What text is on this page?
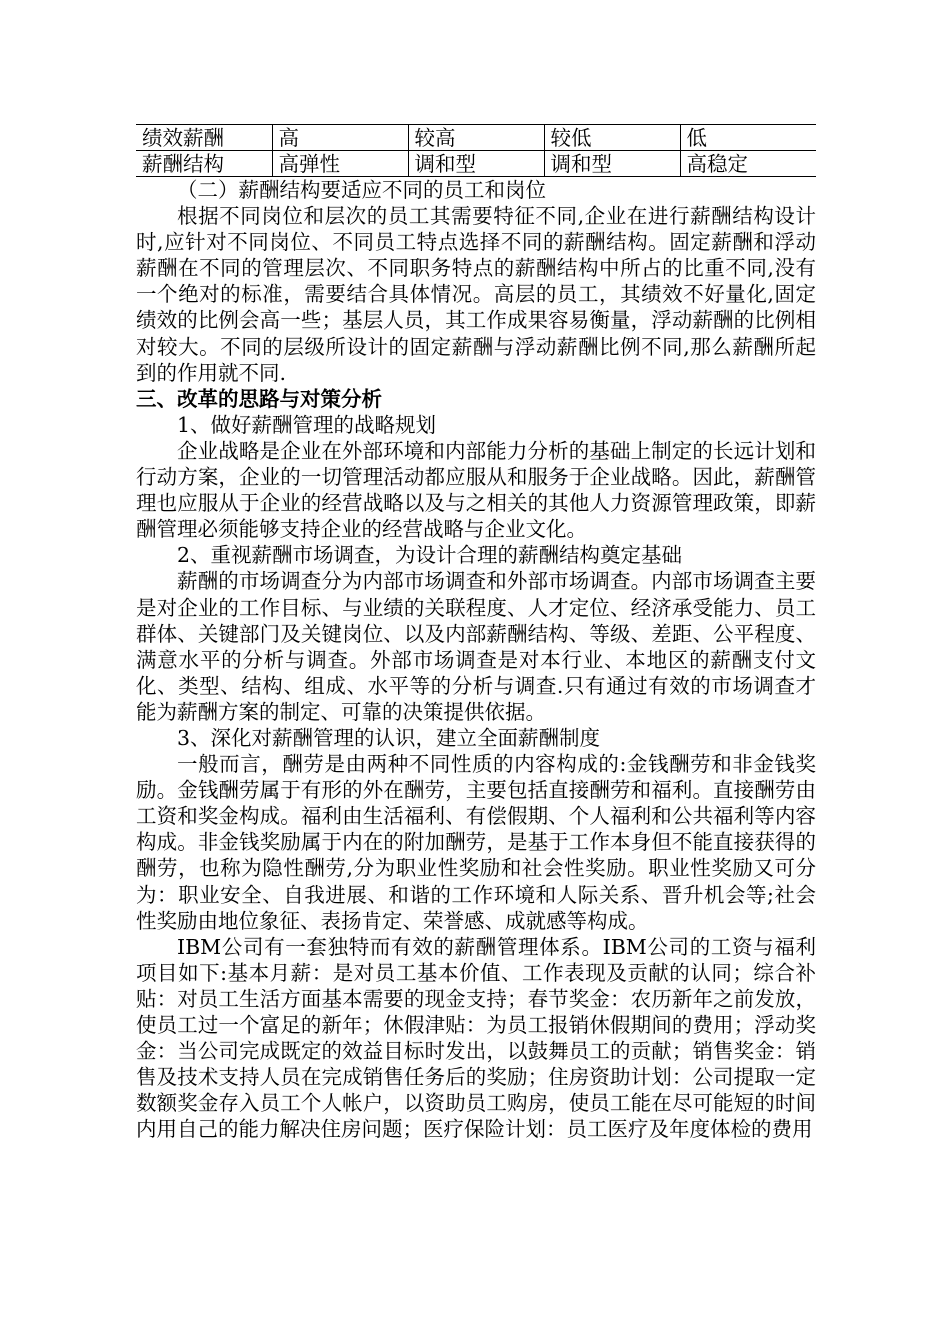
绩效薪酬	高	较高	较低	低
薪酬结构	高弹性	调和型	调和型	高稳定

（二）薪酬结构要适应不同的员工和岗位

根据不同岗位和层次的员工其需要特征不同,企业在进行薪酬结构设计时,应针对不同岗位、不同员工特点选择不同的薪酬结构。固定薪酬和浮动薪酬在不同的管理层次、不同职务特点的薪酬结构中所占的比重不同,没有一个绝对的标准，需要结合具体情况。高层的员工，其绩效不好量化,固定绩效的比例会高一些；基层人员，其工作成果容易衡量，浮动薪酬的比例相对较大。不同的层级所设计的固定薪酬与浮动薪酬比例不同,那么薪酬所起到的作用就不同.

三、改革的思路与对策分析

1、做好薪酬管理的战略规划

企业战略是企业在外部环境和内部能力分析的基础上制定的长远计划和行动方案，企业的一切管理活动都应服从和服务于企业战略。因此，薪酬管理也应服从于企业的经营战略以及与之相关的其他人力资源管理政策，即薪酬管理必须能够支持企业的经营战略与企业文化。

2、重视薪酬市场调查，为设计合理的薪酬结构奠定基础

薪酬的市场调查分为内部市场调查和外部市场调查。内部市场调查主要是对企业的工作目标、与业绩的关联程度、人才定位、经济承受能力、员工群体、关键部门及关键岗位、以及内部薪酬结构、等级、差距、公平程度、满意水平的分析与调查。外部市场调查是对本行业、本地区的薪酬支付文化、类型、结构、组成、水平等的分析与调查.只有通过有效的市场调查才能为薪酬方案的制定、可靠的决策提供依据。

3、深化对薪酬管理的认识，建立全面薪酬制度

一般而言，酬劳是由两种不同性质的内容构成的:金钱酬劳和非金钱奖励。金钱酬劳属于有形的外在酬劳，主要包括直接酬劳和福利。直接酬劳由工资和奖金构成。福利由生活福利、有偿假期、个人福利和公共福利等内容构成。非金钱奖励属于内在的附加酬劳，是基于工作本身但不能直接获得的酬劳，也称为隐性酬劳,分为职业性奖励和社会性奖励。职业性奖励又可分为：职业安全、自我进展、和谐的工作环境和人际关系、晋升机会等;社会性奖励由地位象征、表扬肯定、荣誉感、成就感等构成。

IBM公司有一套独特而有效的薪酬管理体系。IBM公司的工资与福利项目如下:基本月薪：是对员工基本价值、工作表现及贡献的认同；综合补贴：对员工生活方面基本需要的现金支持；春节奖金：农历新年之前发放，使员工过一个富足的新年；休假津贴：为员工报销休假期间的费用；浮动奖金：当公司完成既定的效益目标时发出，以鼓舞员工的贡献；销售奖金：销售及技术支持人员在完成销售任务后的奖励；住房资助计划：公司提取一定数额奖金存入员工个人帐户，以资助员工购房，使员工能在尽可能短的时间内用自己的能力解决住房问题；医疗保险计划：员工医疗及年度体检的费用
